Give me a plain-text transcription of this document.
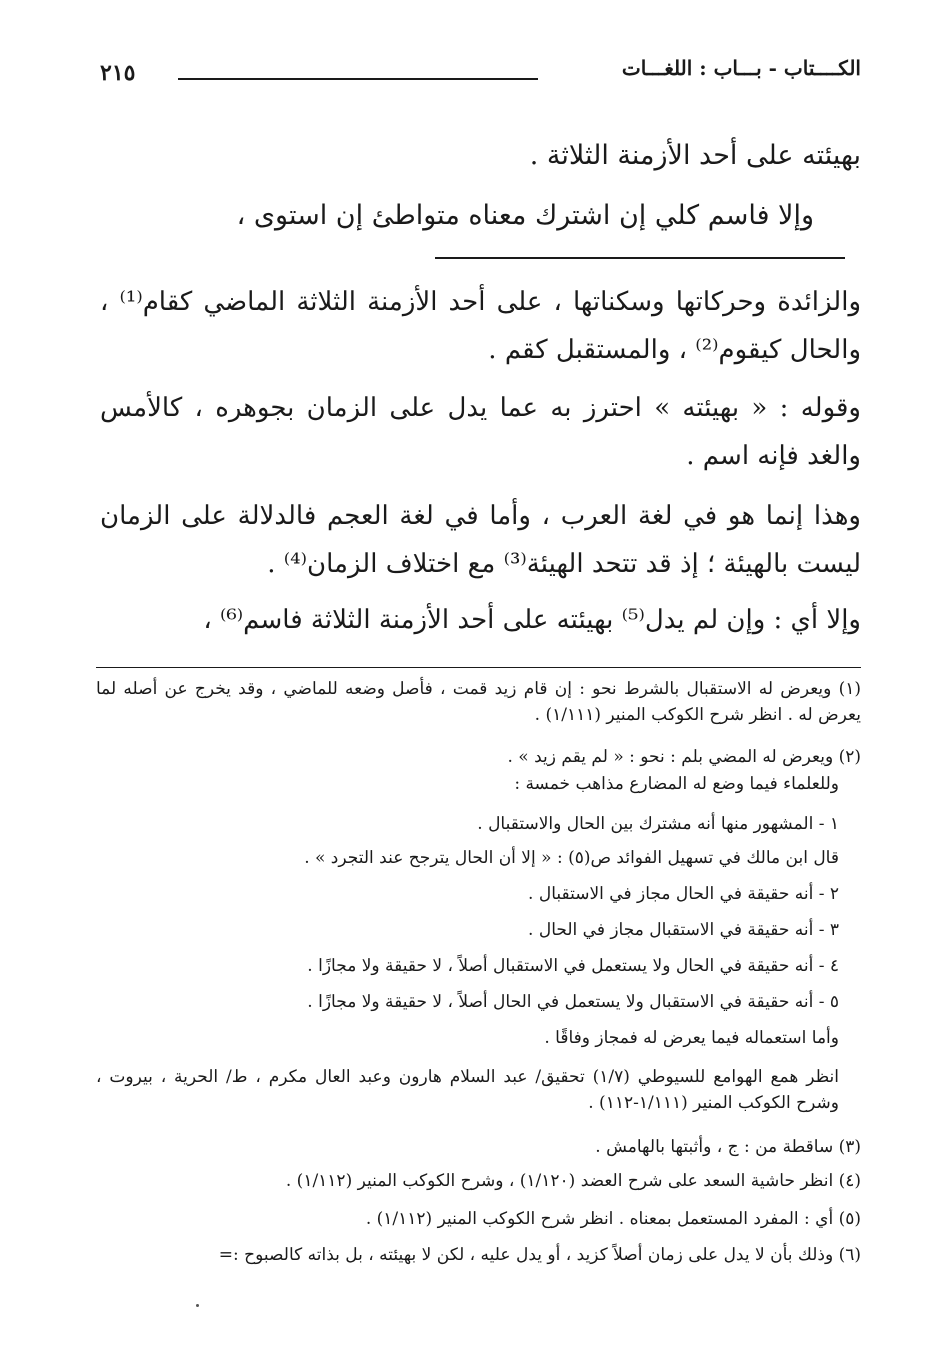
الكــــتاب - بـــاب : اللغـــات
٢١٥
بهيئته على أحد الأزمنة الثلاثة .
وإلا فاسم كلي إن اشترك معناه متواطئ إن استوى ،
والزائدة وحركاتها وسكناتها ، على أحد الأزمنة الثلاثة الماضي كقام⁽¹⁾ ، والحال كيقوم⁽²⁾ ، والمستقبل كقم .
وقوله : « بهيئته » احترز به عما يدل على الزمان بجوهره ، كالأمس والغد فإنه اسم .
وهذا إنما هو في لغة العرب ، وأما في لغة العجم فالدلالة على الزمان ليست بالهيئة ؛ إذ قد تتحد الهيئة⁽³⁾ مع اختلاف الزمان⁽⁴⁾ .
وإلا أي : وإن لم يدل⁽⁵⁾ بهيئته على أحد الأزمنة الثلاثة فاسم⁽⁶⁾ ،
(١) ويعرض له الاستقبال بالشرط نحو : إن قام زيد قمت ، فأصل وضعه للماضي ، وقد يخرج عن أصله لما يعرض له . انظر شرح الكوكب المنير (١/١١١) .
(٢) ويعرض له المضي بلم : نحو : « لم يقم زيد » .
وللعلماء فيما وضع له المضارع مذاهب خمسة :
١ - المشهور منها أنه مشترك بين الحال والاستقبال .
قال ابن مالك في تسهيل الفوائد ص(٥) : « إلا أن الحال يترجح عند التجرد » .
٢ - أنه حقيقة في الحال مجاز في الاستقبال .
٣ - أنه حقيقة في الاستقبال مجاز في الحال .
٤ - أنه حقيقة في الحال ولا يستعمل في الاستقبال أصلاً ، لا حقيقة ولا مجازًا .
٥ - أنه حقيقة في الاستقبال ولا يستعمل في الحال أصلاً ، لا حقيقة ولا مجازًا .
وأما استعماله فيما يعرض له فمجاز وفاقًا .
انظر همع الهوامع للسيوطي (١/٧) تحقيق/ عبد السلام هارون وعبد العال مكرم ، ط/ الحرية ، بيروت ، وشرح الكوكب المنير (١/١١١-١١٢) .
(٣) ساقطة من : ج ، وأثبتها بالهامش .
(٤) انظر حاشية السعد على شرح العضد (١/١٢٠) ، وشرح الكوكب المنير (١/١١٢) .
(٥) أي : المفرد المستعمل بمعناه . انظر شرح الكوكب المنير (١/١١٢) .
(٦) وذلك بأن لا يدل على زمان أصلاً كزيد ، أو يدل عليه ، لكن لا بهيئته ، بل بذاته كالصبوح :=
